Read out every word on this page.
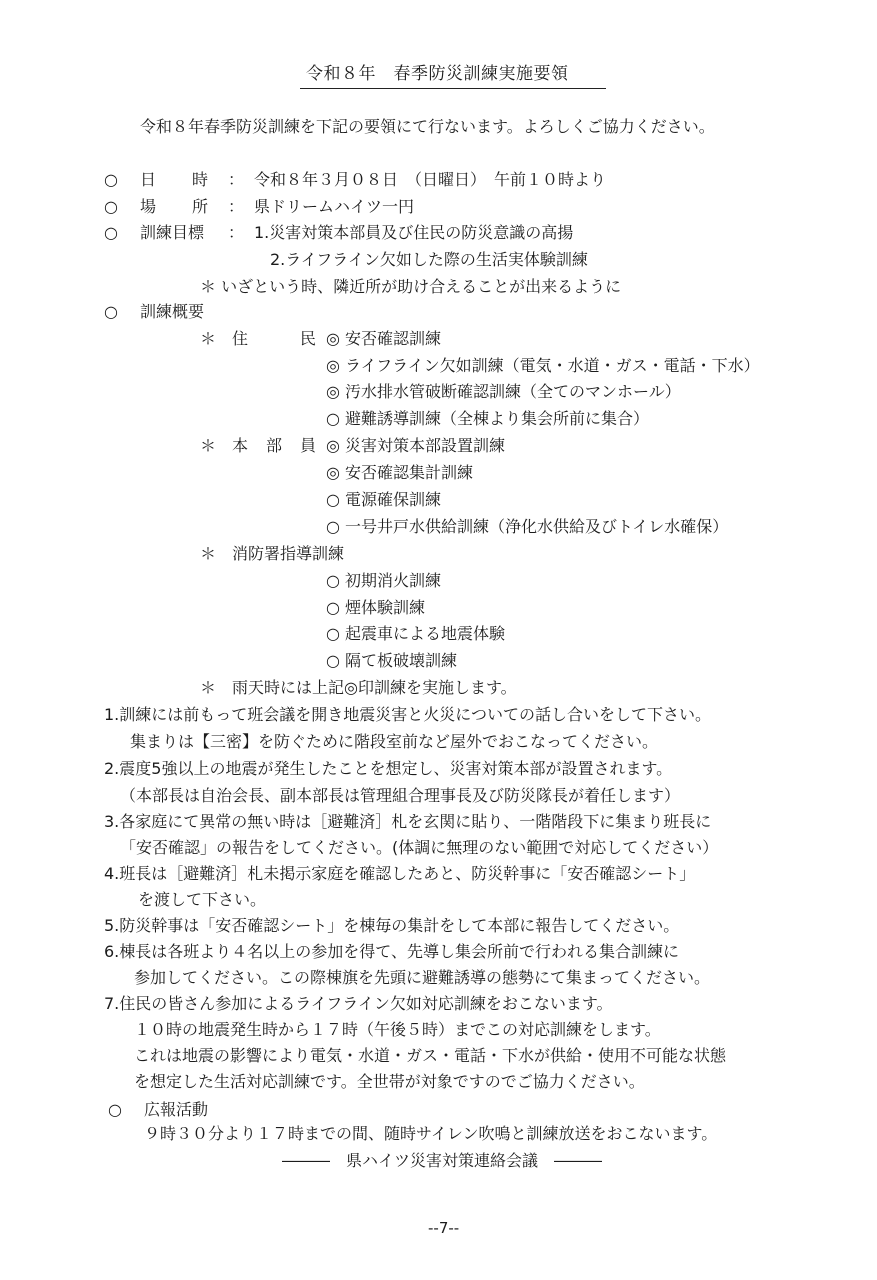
令和８年　春季防災訓練実施要領
令和８年春季防災訓練を下記の要領にて行ないます。よろしくご協力ください。
○ 日 時 ： 令和８年３月０８日　（日曜日）　午前１０時より
○ 場 所 ： 県ドリームハイツ一円
○ 訓練目標 ： 1.災害対策本部員及び住民の防災意識の高揚
2.ライフライン欠如した際の生活実体験訓練
＊ いざという時、隣近所が助け合えることが出来るように
○ 訓練概要
＊ 住	民 ◎ 安否確認訓練
◎ ライフライン欠如訓練（電気・水道・ガス・電話・下水）
◎ 汚水排水管破断確認訓練（全てのマンホール）
○ 避難誘導訓練（全棟より集会所前に集合）
＊ 本 部 員 ◎ 災害対策本部設置訓練
◎ 安否確認集計訓練
○ 電源確保訓練
○ 一号井戸水供給訓練（浄化水供給及びトイレ水確保）
＊ 消防署指導訓練
○ 初期消火訓練
○ 煙体験訓練
○ 起震車による地震体験
○ 隔て板破壊訓練
＊　雨天時には上記◎印訓練を実施します。
1.訓練には前もって班会議を開き地震災害と火災についての話し合いをして下さい。
集まりは【三密】を防ぐために階段室前など屋外でおこなってください。
2.震度5強以上の地震が発生したことを想定し、災害対策本部が設置されます。
（本部長は自治会長、副本部長は管理組合理事長及び防災隊長が着任します）
3.各家庭にて異常の無い時は［避難済］札を玄関に貼り、一階階段下に集まり班長に
「安否確認」の報告をしてください。(体調に無理のない範囲で対応してください）
4.班長は［避難済］札未掲示家庭を確認したあと、防災幹事に「安否確認シート」
を渡して下さい。
5.防災幹事は「安否確認シート」を棟毎の集計をして本部に報告してください。
6.棟長は各班より４名以上の参加を得て、先導し集会所前で行われる集合訓練に
参加してください。この際棟旗を先頭に避難誘導の態勢にて集まってください。
7.住民の皆さん参加によるライフライン欠如対応訓練をおこないます。
１０時の地震発生時から１７時（午後５時）までこの対応訓練をします。
これは地震の影響により電気・水道・ガス・電話・下水が供給・使用不可能な状態
を想定した生活対応訓練です。全世帯が対象ですのでご協力ください。
○ 広報活動
９時３０分より１７時までの間、随時サイレン吹鳴と訓練放送をおこないます。
―――　県ハイツ災害対策連絡会議　―――
--7--
